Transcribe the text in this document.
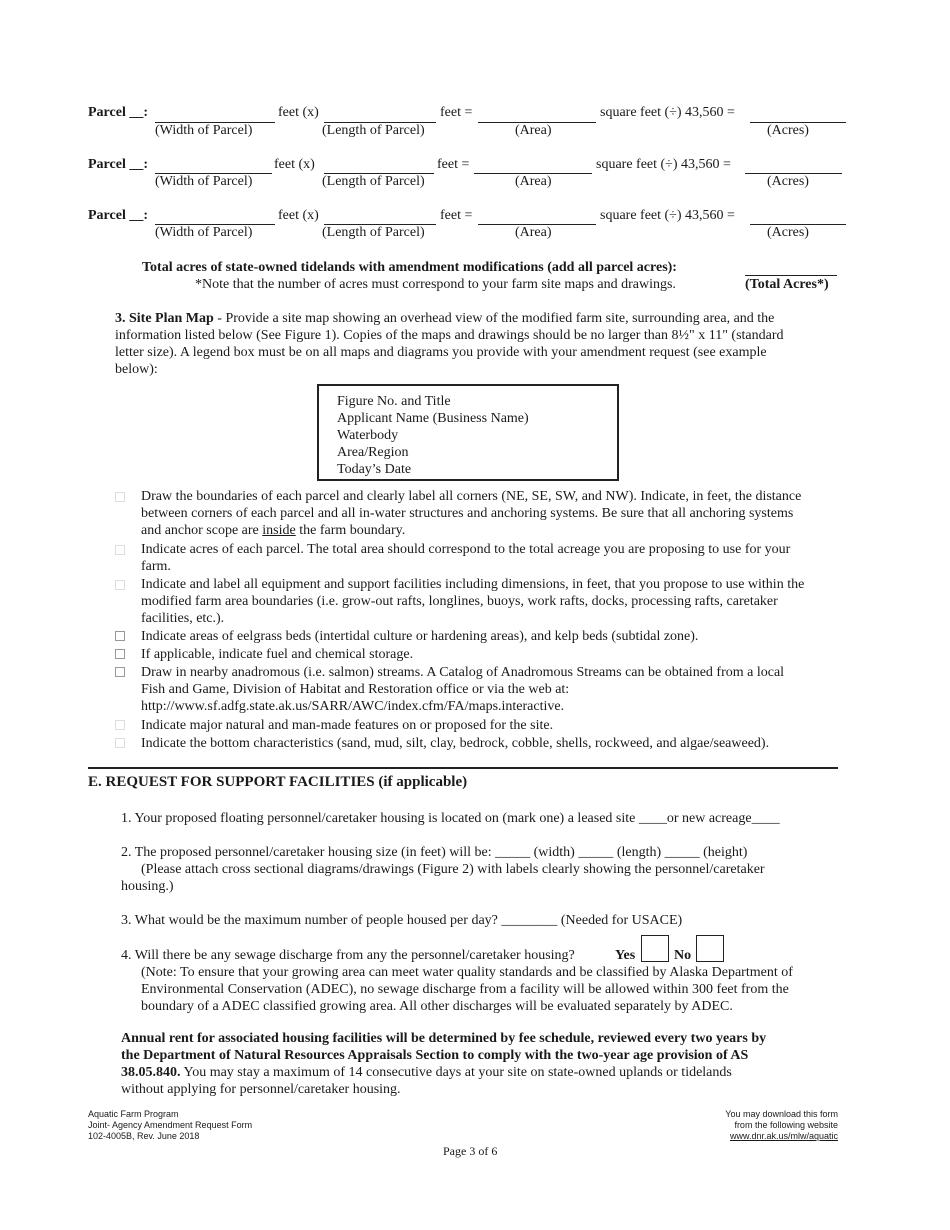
Parcel __:	feet (x)	feet =	square feet (÷) 43,560 =
(Width of Parcel)	(Length of Parcel)	(Area)	(Acres)
Parcel __:	feet (x)	feet =	square feet (÷) 43,560 =
(Width of Parcel)	(Length of Parcel)	(Area)	(Acres)
Parcel __:	feet (x)	feet =	square feet (÷) 43,560 =
(Width of Parcel)	(Length of Parcel)	(Area)	(Acres)
Total acres of state-owned tidelands with amendment modifications (add all parcel acres):
*Note that the number of acres must correspond to your farm site maps and drawings.	(Total Acres*)
3. Site Plan Map - Provide a site map showing an overhead view of the modified farm site, surrounding area, and the
information listed below (See Figure 1). Copies of the maps and drawings should be no larger than 8½" x 11" (standard
letter size). A legend box must be on all maps and diagrams you provide with your amendment request (see example
below):
Figure No. and Title
Applicant Name (Business Name)
Waterbody
Area/Region
Today’s Date
Draw the boundaries of each parcel and clearly label all corners (NE, SE, SW, and NW). Indicate, in feet, the distance
between corners of each parcel and all in-water structures and anchoring systems. Be sure that all anchoring systems
and anchor scope are inside the farm boundary.
Indicate acres of each parcel. The total area should correspond to the total acreage you are proposing to use for your
farm.
Indicate and label all equipment and support facilities including dimensions, in feet, that you propose to use within the
modified farm area boundaries (i.e. grow-out rafts, longlines, buoys, work rafts, docks, processing rafts, caretaker
facilities, etc.).
Indicate areas of eelgrass beds (intertidal culture or hardening areas), and kelp beds (subtidal zone).
If applicable, indicate fuel and chemical storage.
Draw in nearby anadromous (i.e. salmon) streams. A Catalog of Anadromous Streams can be obtained from a local
Fish and Game, Division of Habitat and Restoration office or via the web at:
http://www.sf.adfg.state.ak.us/SARR/AWC/index.cfm/FA/maps.interactive.
Indicate major natural and man-made features on or proposed for the site.
Indicate the bottom characteristics (sand, mud, silt, clay, bedrock, cobble, shells, rockweed, and algae/seaweed).
E. REQUEST FOR SUPPORT FACILITIES (if applicable)
1. Your proposed floating personnel/caretaker housing is located on (mark one) a leased site ____or new acreage____
2. The proposed personnel/caretaker housing size (in feet) will be: _____ (width) _____ (length) _____ (height)
(Please attach cross sectional diagrams/drawings (Figure 2) with labels clearly showing the personnel/caretaker
housing.)
3. What would be the maximum number of people housed per day? ________ (Needed for USACE)
4. Will there be any sewage discharge from any the personnel/caretaker housing?	Yes	No
(Note: To ensure that your growing area can meet water quality standards and be classified by Alaska Department of
Environmental Conservation (ADEC), no sewage discharge from a facility will be allowed within 300 feet from the
boundary of a ADEC classified growing area. All other discharges will be evaluated separately by ADEC.
Annual rent for associated housing facilities will be determined by fee schedule, reviewed every two years by
the Department of Natural Resources Appraisals Section to comply with the two-year age provision of AS
38.05.840. You may stay a maximum of 14 consecutive days at your site on state-owned uplands or tidelands
without applying for personnel/caretaker housing.
Aquatic Farm Program
Joint- Agency Amendment Request Form
102-4005B, Rev. June 2018
You may download this form
from the following website
www.dnr.ak.us/mlw/aquatic
Page 3 of 6
